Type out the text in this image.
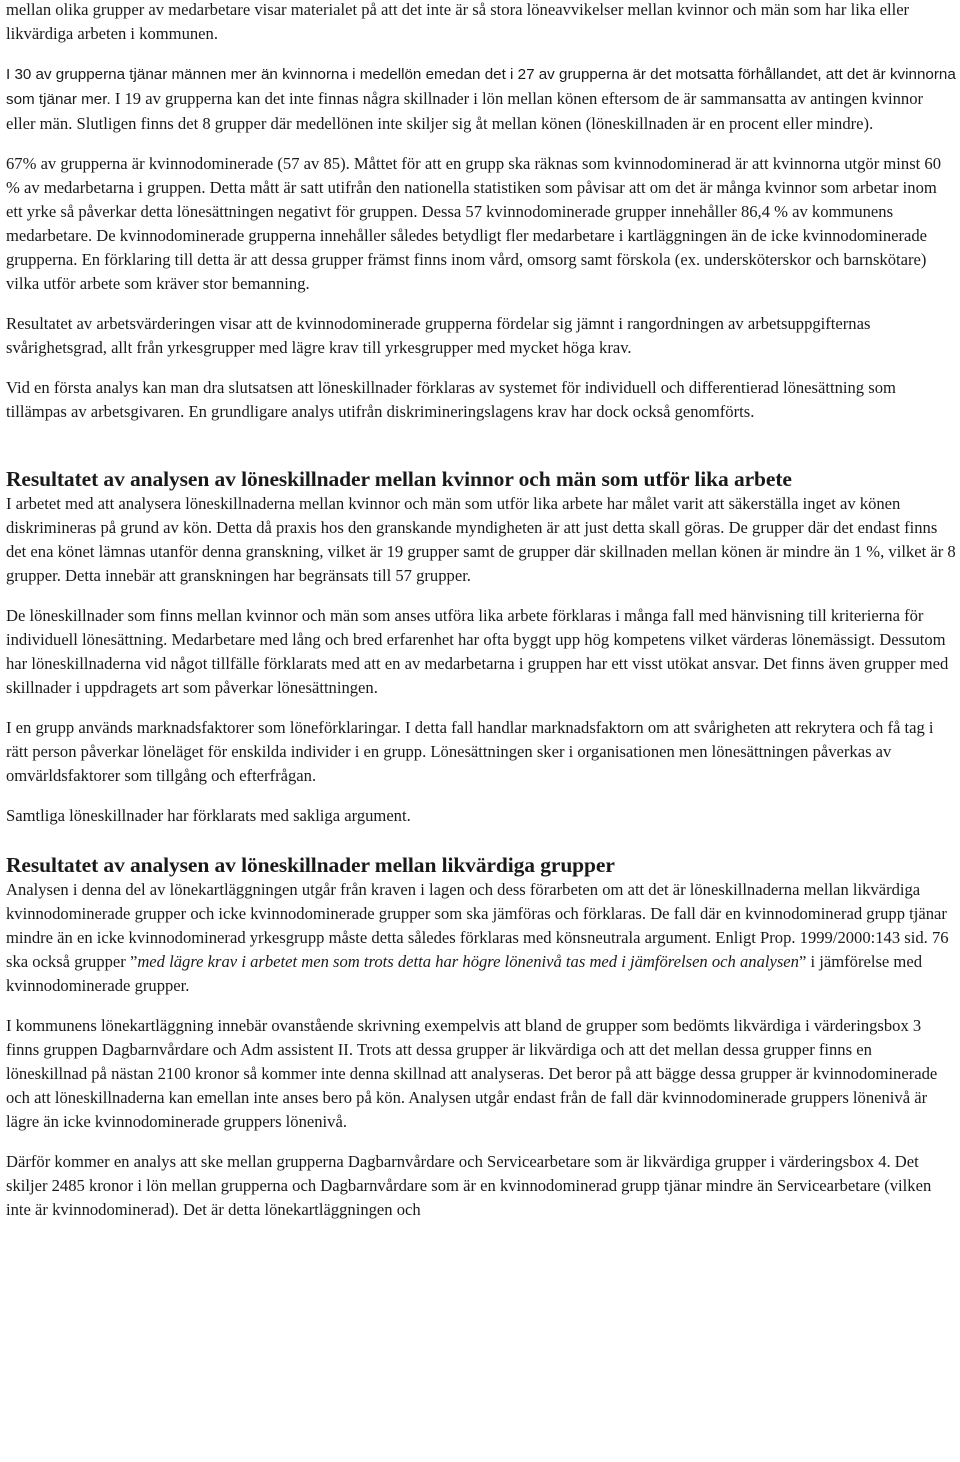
mellan olika grupper av medarbetare visar materialet på att det inte är så stora löneavvikelser mellan kvinnor och män som har lika eller likvärdiga arbeten i kommunen.

I 30 av grupperna tjänar männen mer än kvinnorna i medellön emedan det i 27 av grupperna är det motsatta förhållandet, att det är kvinnorna som tjänar mer. I 19 av grupperna kan det inte finnas några skillnader i lön mellan könen eftersom de är sammansatta av antingen kvinnor eller män. Slutligen finns det 8 grupper där medellönen inte skiljer sig åt mellan könen (löneskillnaden är en procent eller mindre).

67% av grupperna är kvinnodominerade (57 av 85). Måttet för att en grupp ska räknas som kvinnodominerad är att kvinnorna utgör minst 60 % av medarbetarna i gruppen. Detta mått är satt utifrån den nationella statistiken som påvisar att om det är många kvinnor som arbetar inom ett yrke så påverkar detta lönesättningen negativt för gruppen. Dessa 57 kvinnodominerade grupper innehåller 86,4 % av kommunens medarbetare. De kvinnodominerade grupperna innehåller således betydligt fler medarbetare i kartläggningen än de icke kvinnodominerade grupperna. En förklaring till detta är att dessa grupper främst finns inom vård, omsorg samt förskola (ex. undersköterskor och barnskötare) vilka utför arbete som kräver stor bemanning.

Resultatet av arbetsvärderingen visar att de kvinnodominerade grupperna fördelar sig jämnt i rangordningen av arbetsuppgifternas svårighetsgrad, allt från yrkesgrupper med lägre krav till yrkesgrupper med mycket höga krav.

Vid en första analys kan man dra slutsatsen att löneskillnader förklaras av systemet för individuell och differentierad lönesättning som tillämpas av arbetsgivaren. En grundligare analys utifrån diskrimineringslagens krav har dock också genomförts.

Resultatet av analysen av löneskillnader mellan kvinnor och män som utför lika arbete

I arbetet med att analysera löneskillnaderna mellan kvinnor och män som utför lika arbete har målet varit att säkerställa inget av könen diskrimineras på grund av kön. Detta då praxis hos den granskande myndigheten är att just detta skall göras. De grupper där det endast finns det ena könet lämnas utanför denna granskning, vilket är 19 grupper samt de grupper där skillnaden mellan könen är mindre än 1 %, vilket är 8 grupper. Detta innebär att granskningen har begränsats till 57 grupper.

De löneskillnader som finns mellan kvinnor och män som anses utföra lika arbete förklaras i många fall med hänvisning till kriterierna för individuell lönesättning. Medarbetare med lång och bred erfarenhet har ofta byggt upp hög kompetens vilket värderas lönemässigt. Dessutom har löneskillnaderna vid något tillfälle förklarats med att en av medarbetarna i gruppen har ett visst utökat ansvar. Det finns även grupper med skillnader i uppdragets art som påverkar lönesättningen.

I en grupp används marknadsfaktorer som löneförklaringar. I detta fall handlar marknadsfaktorn om att svårigheten att rekrytera och få tag i rätt person påverkar löneläget för enskilda individer i en grupp. Lönesättningen sker i organisationen men lönesättningen påverkas av omvärldsfaktorer som tillgång och efterfrågan.

Samtliga löneskillnader har förklarats med sakliga argument.

Resultatet av analysen av löneskillnader mellan likvärdiga grupper

Analysen i denna del av lönekartläggningen utgår från kraven i lagen och dess förarbeten om att det är löneskillnaderna mellan likvärdiga kvinnodominerade grupper och icke kvinnodominerade grupper som ska jämföras och förklaras. De fall där en kvinnodominerad grupp tjänar mindre än en icke kvinnodominerad yrkesgrupp måste detta således förklaras med könsneutrala argument. Enligt Prop. 1999/2000:143 sid. 76 ska också grupper ”med lägre krav i arbetet men som trots detta har högre lönenivå tas med i jämförelsen och analysen” i jämförelse med kvinnodominerade grupper.

I kommunens lönekartläggning innebär ovanstående skrivning exempelvis att bland de grupper som bedömts likvärdiga i värderingsbox 3 finns gruppen Dagbarnvårdare och Adm assistent II. Trots att dessa grupper är likvärdiga och att det mellan dessa grupper finns en löneskillnad på nästan 2100 kronor så kommer inte denna skillnad att analyseras. Det beror på att bägge dessa grupper är kvinnodominerade och att löneskillnaderna kan emellan inte anses bero på kön. Analysen utgår endast från de fall där kvinnodominerade gruppers lönenivå är lägre än icke kvinnodominerade gruppers lönenivå.

Därför kommer en analys att ske mellan grupperna Dagbarnvårdare och Servicearbetare som är likvärdiga grupper i värderingsbox 4. Det skiljer 2485 kronor i lön mellan grupperna och Dagbarnvårdare som är en kvinnodominerad grupp tjänar mindre än Servicearbetare (vilken inte är kvinnodominerad). Det är detta lönekartläggningen och
